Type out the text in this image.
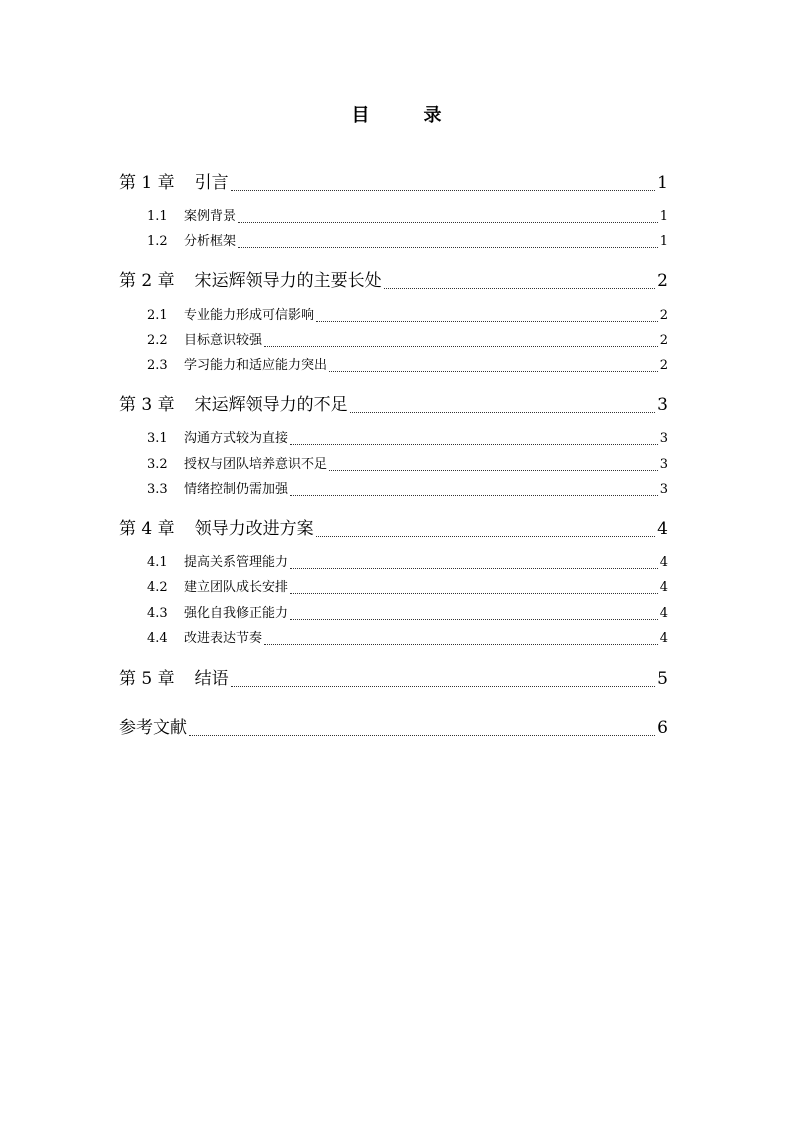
目　录
第 1 章 引言	1
1.1	案例背景	1
1.2	分析框架	1
第 2 章 宋运辉领导力的主要长处	2
2.1	专业能力形成可信影响	2
2.2	目标意识较强	2
2.3	学习能力和适应能力突出	2
第 3 章 宋运辉领导力的不足	3
3.1	沟通方式较为直接	3
3.2	授权与团队培养意识不足	3
3.3	情绪控制仍需加强	3
第 4 章 领导力改进方案	4
4.1	提高关系管理能力	4
4.2	建立团队成长安排	4
4.3	强化自我修正能力	4
4.4	改进表达节奏	4
第 5 章 结语	5
参考文献	6
